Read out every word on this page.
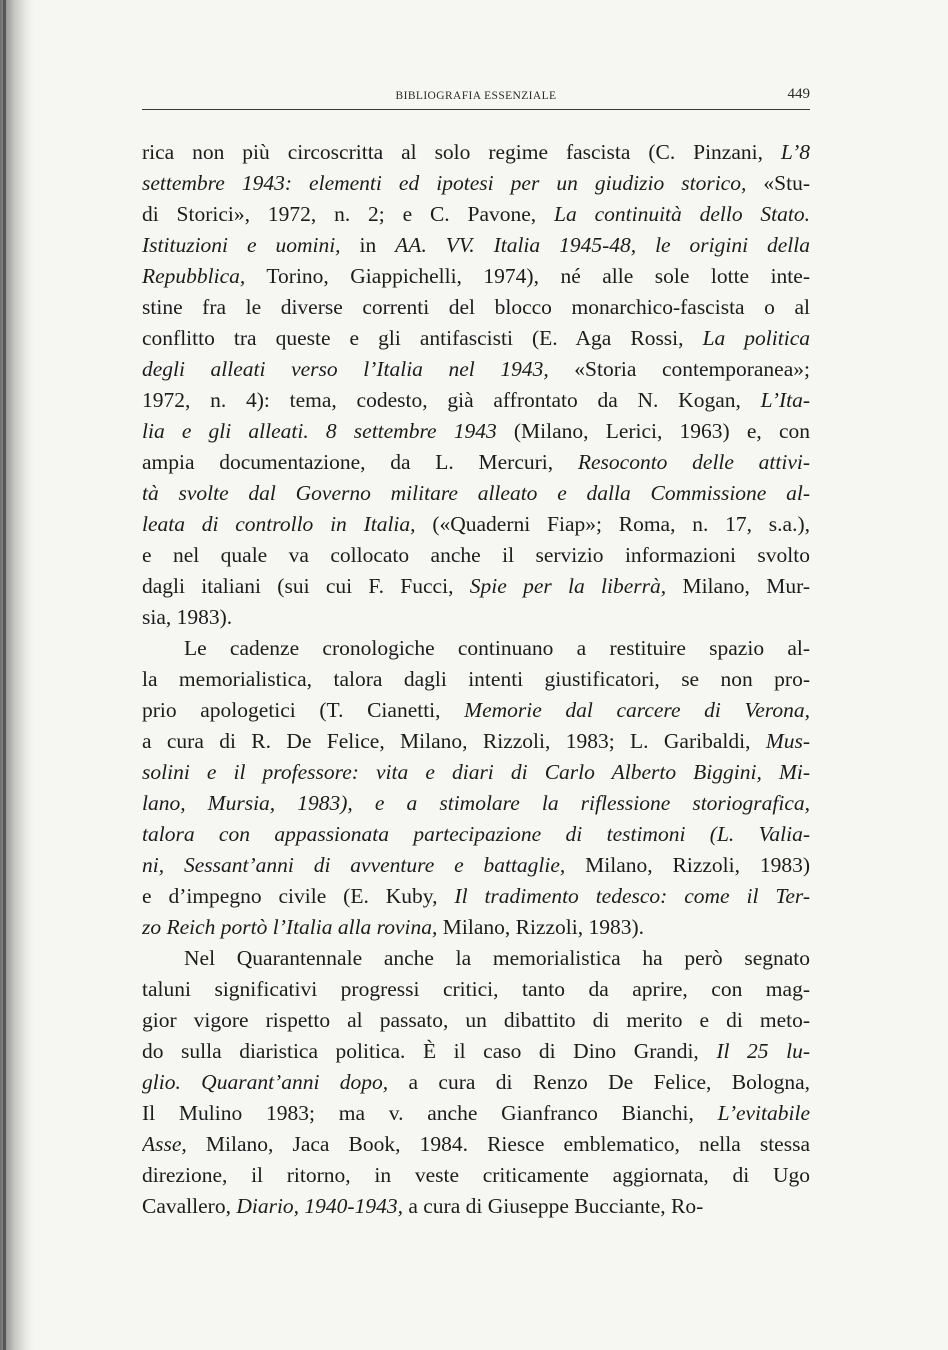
BIBLIOGRAFIA ESSENZIALE	449
rica non più circoscritta al solo regime fascista (C. Pinzani, L’8
settembre 1943: elementi ed ipotesi per un giudizio storico, «Stu-
di Storici», 1972, n. 2; e C. Pavone, La continuità dello Stato.
Istituzioni e uomini, in AA. VV. Italia 1945-48, le origini della
Repubblica, Torino, Giappichelli, 1974), né alle sole lotte inte-
stine fra le diverse correnti del blocco monarchico-fascista o al
conflitto tra queste e gli antifascisti (E. Aga Rossi, La politica
degli alleati verso l’Italia nel 1943, «Storia contemporanea»;
1972, n. 4): tema, codesto, già affrontato da N. Kogan, L’Ita-
lia e gli alleati. 8 settembre 1943 (Milano, Lerici, 1963) e, con
ampia documentazione, da L. Mercuri, Resoconto delle attivi-
tà svolte dal Governo militare alleato e dalla Commissione al-
leata di controllo in Italia, («Quaderni Fiap»; Roma, n. 17, s.a.),
e nel quale va collocato anche il servizio informazioni svolto
dagli italiani (sui cui F. Fucci, Spie per la liberrà, Milano, Mur-
sia, 1983).
Le cadenze cronologiche continuano a restituire spazio al-
la memorialistica, talora dagli intenti giustificatori, se non pro-
prio apologetici (T. Cianetti, Memorie dal carcere di Verona,
a cura di R. De Felice, Milano, Rizzoli, 1983; L. Garibaldi, Mus-
solini e il professore: vita e diari di Carlo Alberto Biggini, Mi-
lano, Mursia, 1983), e a stimolare la riflessione storiografica,
talora con appassionata partecipazione di testimoni (L. Valia-
ni, Sessant’anni di avventure e battaglie, Milano, Rizzoli, 1983)
e d’impegno civile (E. Kuby, Il tradimento tedesco: come il Ter-
zo Reich portò l’Italia alla rovina, Milano, Rizzoli, 1983).
Nel Quarantennale anche la memorialistica ha però segnato
taluni significativi progressi critici, tanto da aprire, con mag-
gior vigore rispetto al passato, un dibattito di merito e di meto-
do sulla diaristica politica. È il caso di Dino Grandi, Il 25 lu-
glio. Quarant’anni dopo, a cura di Renzo De Felice, Bologna,
Il Mulino 1983; ma v. anche Gianfranco Bianchi, L’evitabile
Asse, Milano, Jaca Book, 1984. Riesce emblematico, nella stessa
direzione, il ritorno, in veste criticamente aggiornata, di Ugo
Cavallero, Diario, 1940-1943, a cura di Giuseppe Bucciante, Ro-
